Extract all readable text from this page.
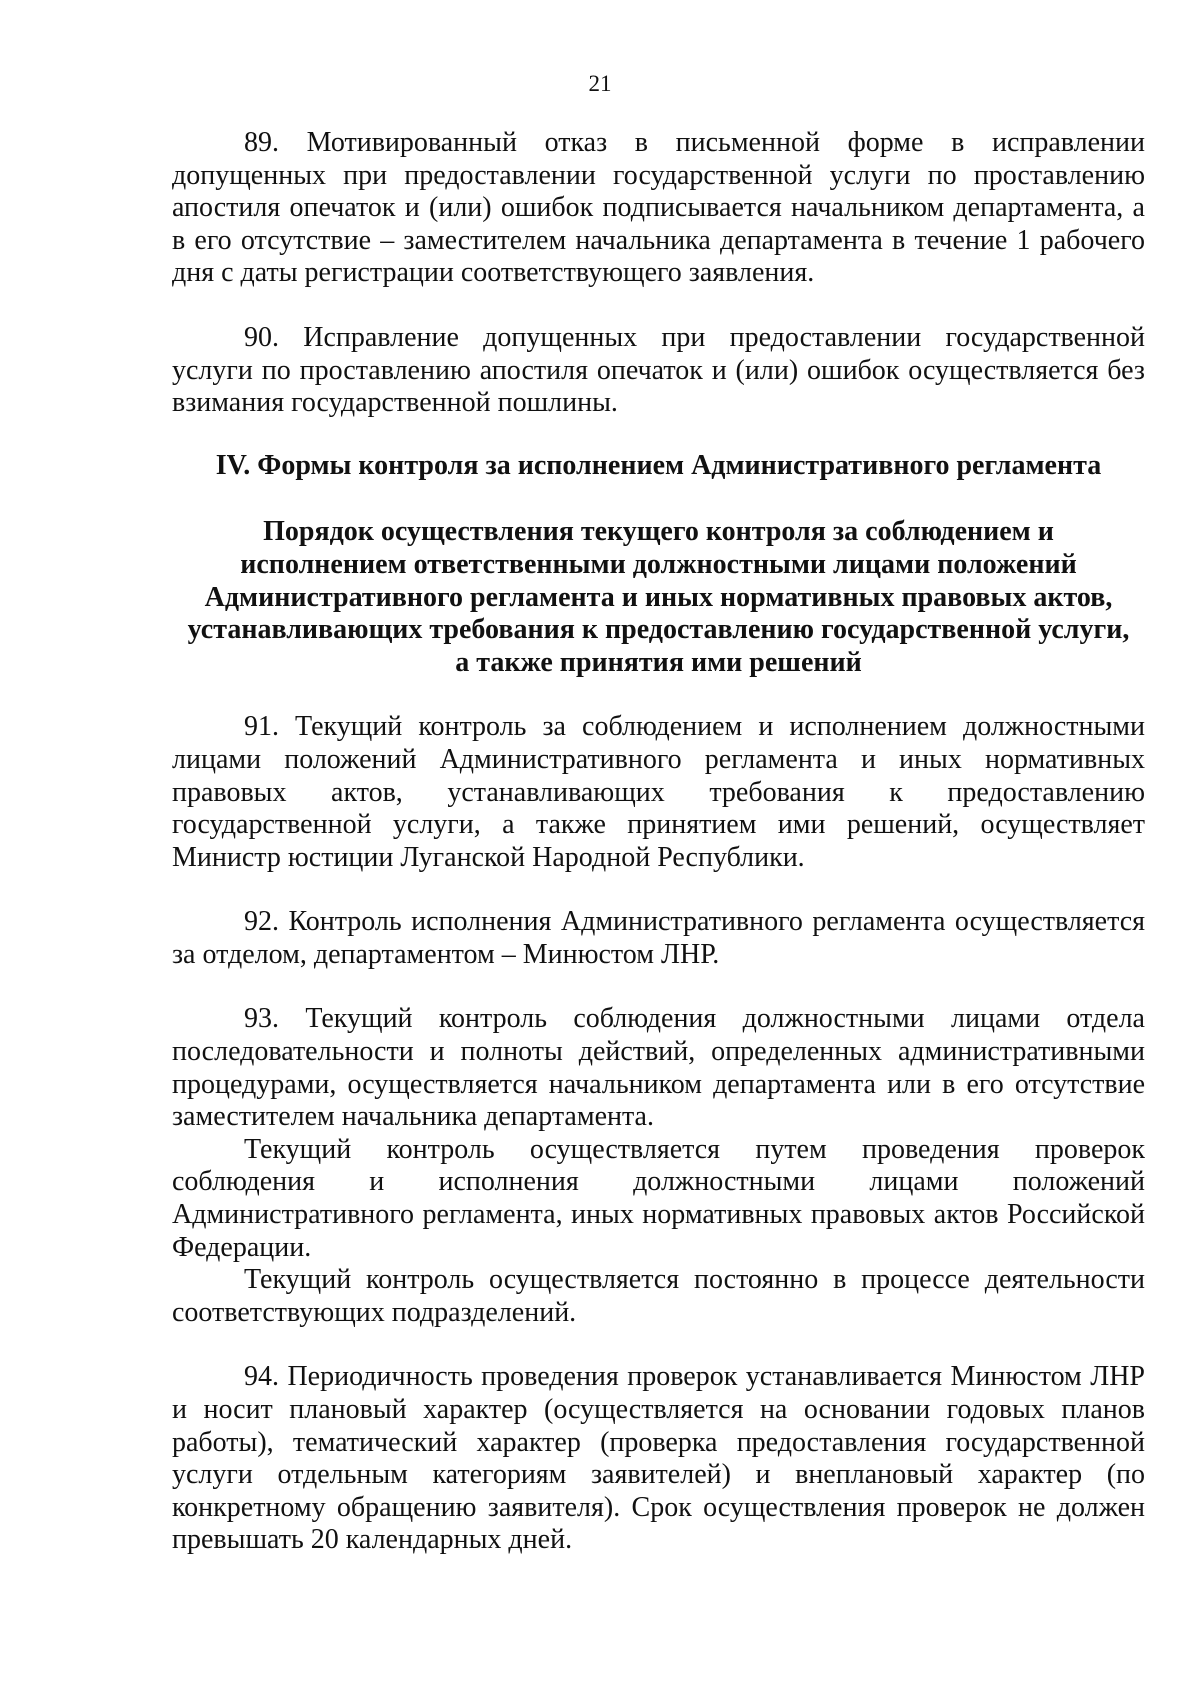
21

89. Мотивированный отказ в письменной форме в исправлении допущенных при предоставлении государственной услуги по проставлению апостиля опечаток и (или) ошибок подписывается начальником департамента, а в его отсутствие – заместителем начальника департамента в течение 1 рабочего дня с даты регистрации соответствующего заявления.

90. Исправление допущенных при предоставлении государственной услуги по проставлению апостиля опечаток и (или) ошибок осуществляется без взимания государственной пошлины.

IV. Формы контроля за исполнением Административного регламента

Порядок осуществления текущего контроля за соблюдением и
исполнением ответственными должностными лицами положений
Административного регламента и иных нормативных правовых актов,
устанавливающих требования к предоставлению государственной услуги,
а также принятия ими решений

91. Текущий контроль за соблюдением и исполнением должностными лицами положений Административного регламента и иных нормативных правовых актов, устанавливающих требования к предоставлению государственной услуги, а также принятием ими решений, осуществляет Министр юстиции Луганской Народной Республики.

92. Контроль исполнения Административного регламента осуществляется за отделом, департаментом – Минюстом ЛНР.

93. Текущий контроль соблюдения должностными лицами отдела последовательности и полноты действий, определенных административными процедурами, осуществляется начальником департамента или в его отсутствие заместителем начальника департамента.

Текущий контроль осуществляется путем проведения проверок соблюдения и исполнения должностными лицами положений Административного регламента, иных нормативных правовых актов Российской Федерации.

Текущий контроль осуществляется постоянно в процессе деятельности соответствующих подразделений.

94. Периодичность проведения проверок устанавливается Минюстом ЛНР и носит плановый характер (осуществляется на основании годовых планов работы), тематический характер (проверка предоставления государственной услуги отдельным категориям заявителей) и внеплановый характер (по конкретному обращению заявителя). Срок осуществления проверок не должен превышать 20 календарных дней.
